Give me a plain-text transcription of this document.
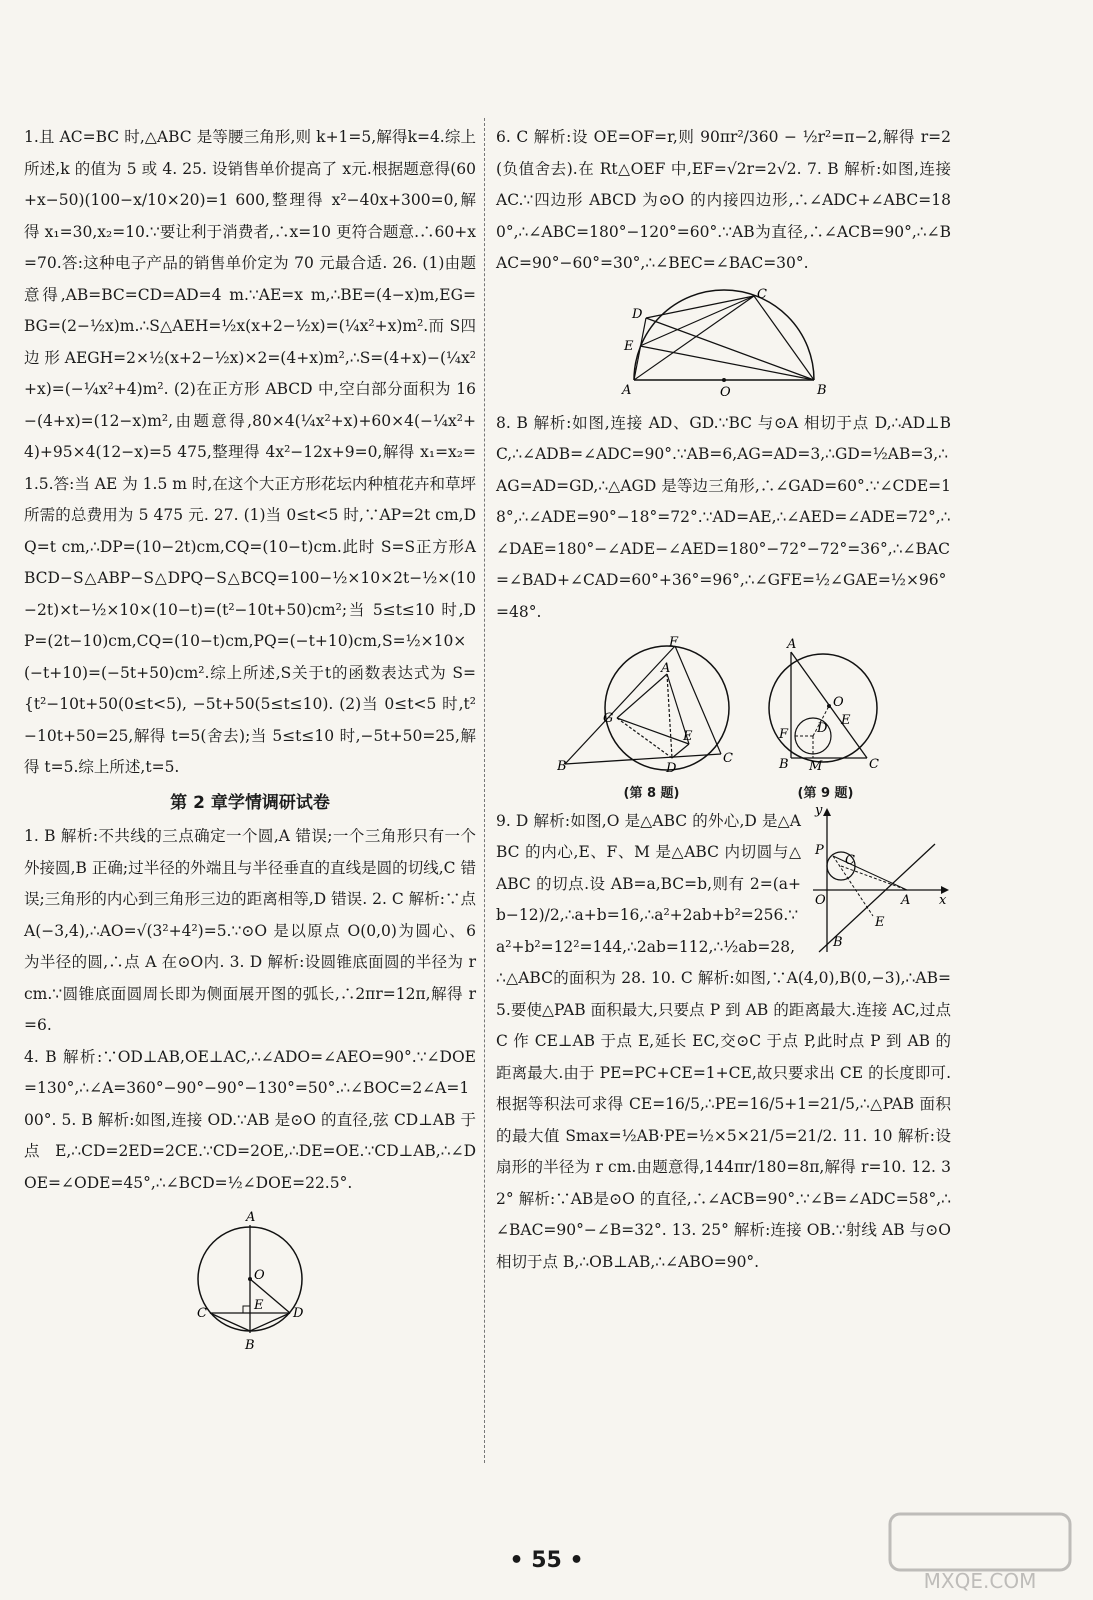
1.且 AC=BC 时,△ABC 是等腰三角形,则 k+1=5,解得k=4.综上所述,k 的值为 5 或 4. 25. 设销售单价提高了 x元.根据题意得(60+x−50)(100−x/10×20)=1 600,整理得 x²−40x+300=0,解得 x₁=30,x₂=10.∵要让利于消费者,∴x=10 更符合题意.∴60+x=70.答:这种电子产品的销售单价定为 70 元最合适. 26. (1)由题意得,AB=BC=CD=AD=4 m.∵AE=x m,∴BE=(4−x)m,EG=BG=(2−½x)m.∴S△AEH=½x(x+2−½x)=(¼x²+x)m².而 S四边形AEGH=2×½(x+2−½x)×2=(4+x)m²,∴S=(4+x)−(¼x²+x)=(−¼x²+4)m². (2)在正方形 ABCD 中,空白部分面积为 16−(4+x)=(12−x)m²,由题意得,80×4(¼x²+x)+60×4(−¼x²+4)+95×4(12−x)=5 475,整理得 4x²−12x+9=0,解得 x₁=x₂=1.5.答:当 AE 为 1.5 m 时,在这个大正方形花坛内种植花卉和草坪所需的总费用为 5 475 元. 27. (1)当 0≤t<5 时,∵AP=2t cm,DQ=t cm,∴DP=(10−2t)cm,CQ=(10−t)cm.此时 S=S正方形ABCD−S△ABP−S△DPQ−S△BCQ=100−½×10×2t−½×(10−2t)×t−½×10×(10−t)=(t²−10t+50)cm²;当 5≤t≤10 时,DP=(2t−10)cm,CQ=(10−t)cm,PQ=(−t+10)cm,S=½×10×(−t+10)=(−5t+50)cm².综上所述,S关于t的函数表达式为 S={t²−10t+50(0≤t<5), −5t+50(5≤t≤10). (2)当 0≤t<5 时,t²−10t+50=25,解得 t=5(舍去);当 5≤t≤10 时,−5t+50=25,解得 t=5.综上所述,t=5.

第 2 章学情调研试卷

1. B 解析:不共线的三点确定一个圆,A 错误;一个三角形只有一个外接圆,B 正确;过半径的外端且与半径垂直的直线是圆的切线,C 错误;三角形的内心到三角形三边的距离相等,D 错误. 2. C 解析:∵点 A(−3,4),∴AO=√(3²+4²)=5.∵⊙O 是以原点 O(0,0)为圆心、6 为半径的圆,∴点 A 在⊙O内. 3. D 解析:设圆锥底面圆的半径为 r cm.∵圆锥底面圆周长即为侧面展开图的弧长,∴2πr=12π,解得 r=6.

4. B 解析:∵OD⊥AB,OE⊥AC,∴∠ADO=∠AEO=90°.∵∠DOE=130°,∴∠A=360°−90°−90°−130°=50°.∴∠BOC=2∠A=100°. 5. B 解析:如图,连接 OD.∵AB 是⊙O 的直径,弦 CD⊥AB 于点 E,∴CD=2ED=2CE.∵CD=2OE,∴DE=OE.∵CD⊥AB,∴∠DOE=∠ODE=45°,∴∠BCD=½∠DOE=22.5°.

A
O
E
C	D
B

6. C 解析:设 OE=OF=r,则 90πr²/360 − ½r²=π−2,解得 r=2(负值舍去).在 Rt△OEF 中,EF=√2r=2√2. 7. B 解析:如图,连接 AC.∵四边形 ABCD 为⊙O 的内接四边形,∴∠ADC+∠ABC=180°,∴∠ABC=180°−120°=60°.∵AB为直径,∴∠ACB=90°,∴∠BAC=90°−60°=30°,∴∠BEC=∠BAC=30°.

A	O	B
C
D
E

8. B 解析:如图,连接 AD、GD.∵BC 与⊙A 相切于点 D,∴AD⊥BC,∴∠ADB=∠ADC=90°.∵AB=6,AG=AD=3,∴GD=½AB=3,∴AG=AD=GD,∴△AGD 是等边三角形,∴∠GAD=60°.∵∠CDE=18°,∴∠ADE=90°−18°=72°.∵AD=AE,∴∠AED=∠ADE=72°,∴∠DAE=180°−∠ADE−∠AED=180°−72°−72°=36°,∴∠BAC=∠BAD+∠CAD=60°+36°=96°,∴∠GFE=½∠GAE=½×96°=48°.

F
A
G
E
B	D
C
(第 8 题)
A
O
E
D
F
M
B	C
(第 9 题)

y
x
P
C
O	A
E
B
9. D 解析:如图,O 是△ABC 的外心,D 是△ABC 的内心,E、F、M 是△ABC 内切圆与△ABC 的切点.设 AB=a,BC=b,则有 2=(a+b−12)/2,∴a+b=16,∴a²+2ab+b²=256.∵a²+b²=12²=144,∴2ab=112,∴½ab=28,∴△ABC的面积为 28. 10. C 解析:如图,∵A(4,0),B(0,−3),∴AB=5.要使△PAB 面积最大,只要点 P 到 AB 的距离最大.连接 AC,过点 C 作 CE⊥AB 于点 E,延长 EC,交⊙C 于点 P,此时点 P 到 AB 的距离最大.由于 PE=PC+CE=1+CE,故只要求出 CE 的长度即可.根据等积法可求得 CE=16/5,∴PE=16/5+1=21/5,∴△PAB 面积的最大值 Smax=½AB·PE=½×5×21/5=21/2. 11. 10 解析:设扇形的半径为 r cm.由题意得,144πr/180=8π,解得 r=10. 12. 32° 解析:∵AB是⊙O 的直径,∴∠ACB=90°.∵∠B=∠ADC=58°,∴∠BAC=90°−∠B=32°. 13. 25° 解析:连接 OB.∵射线 AB 与⊙O 相切于点 B,∴OB⊥AB,∴∠ABO=90°.

• 55 •
MXQE.COM
